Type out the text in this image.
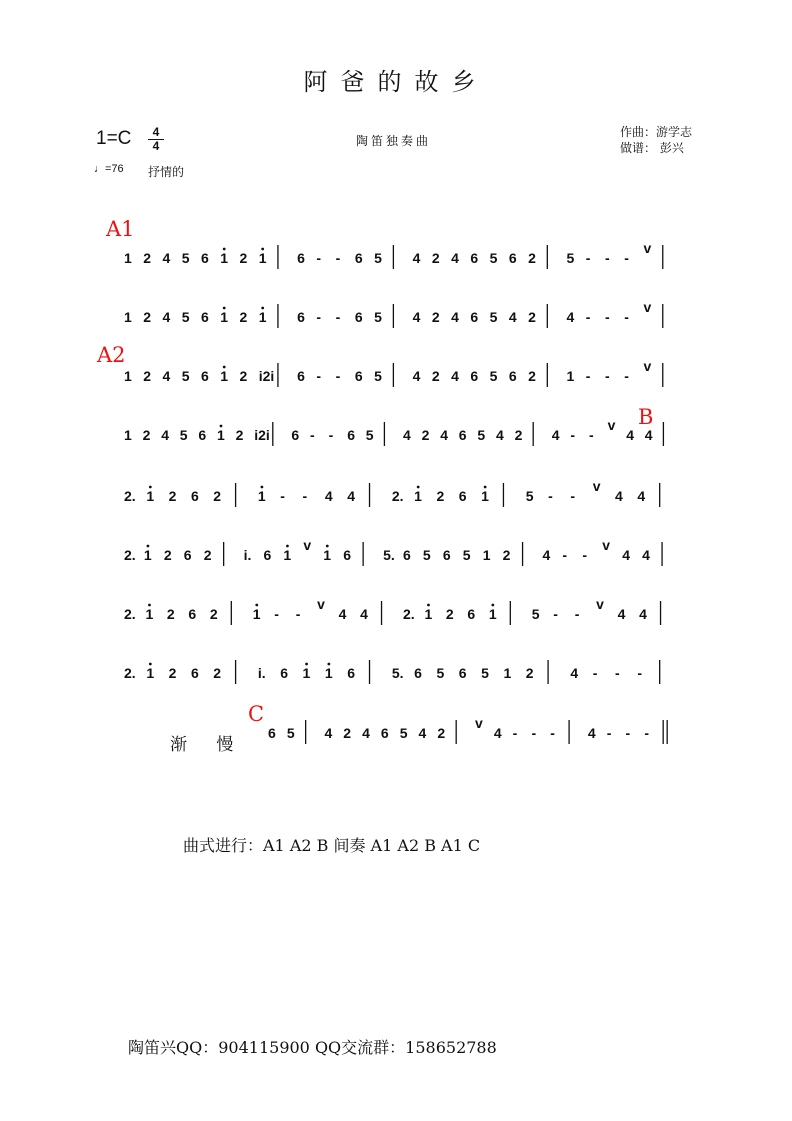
阿爸的故乡
1=C	4
4	陶笛独奏曲
作曲：游学志
做谱： 彭兴
♩=76 抒情的
A1
A2
B
C
1 2 4 5 6 1 2 1 6 - - 6 5 4 2 4 6 5 6 2 5 - - -
v
1 2 4 5 6 1 2 1 6 - - 6 5 4 2 4 6 5 4 2 4 - - -
v
1 2 4 5 6 1 2 i2i 6 - - 6 5 4 2 4 6 5 6 2 1 - - -
v
1 2 4 5 6 1 2 i2i 6 - - 6 5 4 2 4 6 5 4 2 4 - -
v
4 4
2. 1 2 6 2	1 - - 4 4	2. 1 2 6 1	5 - -
v
4 4
2. 1 2 6 2 i. 6 1
v
1 6 5. 6 5 6 5 1 2 4 - -
v
4 4
2. 1 2 6 2	1 - -
v
4 4	2. 1 2 6 1	5 - -
v
4 4
2. 1 2 6 2	i. 6 1 1 6	5. 6 5 6 5 1 2	4 - - -
6 5 4 2 4 6 5 4 2
v
4 - - - 4 - - -
渐 慢
曲式进行：A1 A2 B 间奏 A1 A2 B A1 C
陶笛兴QQ：904115900 QQ交流群：158652788
